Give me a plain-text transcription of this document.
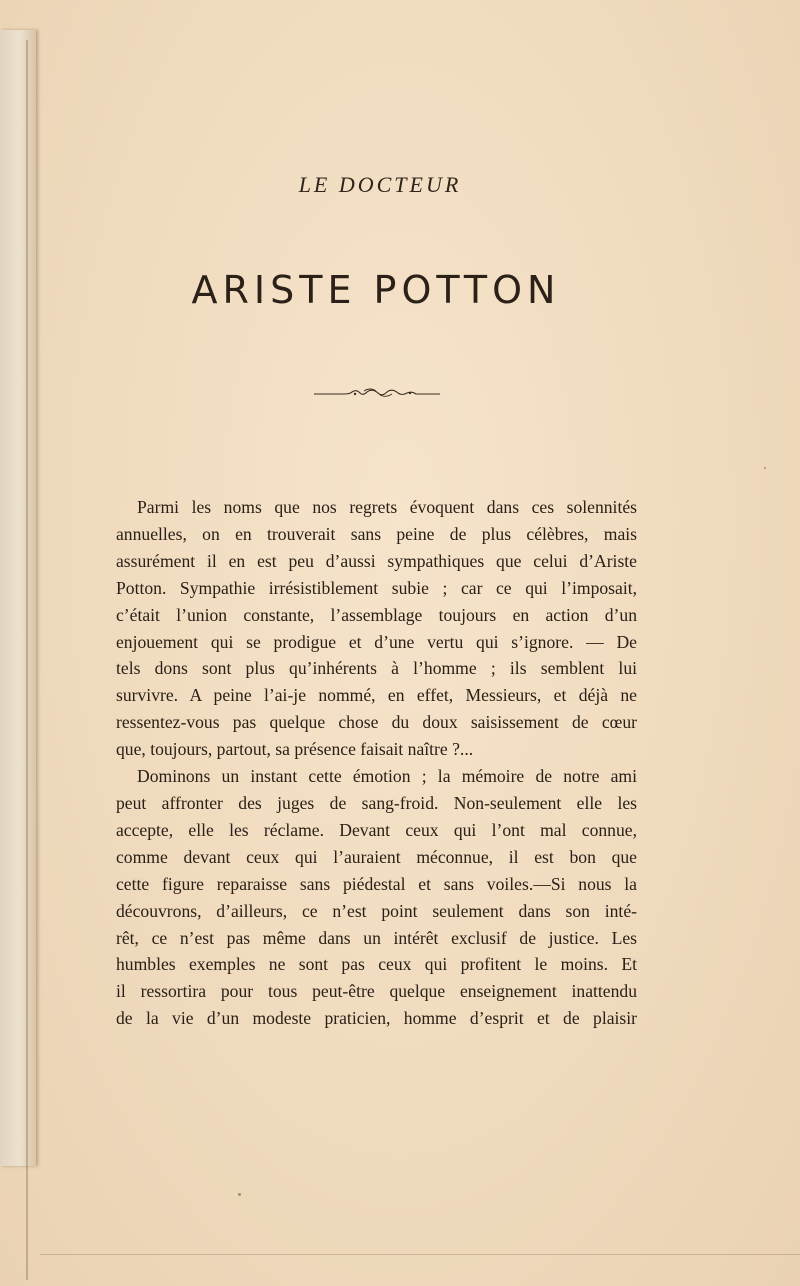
LE DOCTEUR
ARISTE POTTON

Parmi les noms que nos regrets évoquent dans ces solennités
annuelles, on en trouverait sans peine de plus célèbres, mais
assurément il en est peu d’aussi sympathiques que celui d’Ariste
Potton. Sympathie irrésistiblement subie ; car ce qui l’imposait,
c’était l’union constante, l’assemblage toujours en action d’un
enjouement qui se prodigue et d’une vertu qui s’ignore. — De
tels dons sont plus qu’inhérents à l’homme ; ils semblent lui
survivre. A peine l’ai-je nommé, en effet, Messieurs, et déjà ne
ressentez-vous pas quelque chose du doux saisissement de cœur
que, toujours, partout, sa présence faisait naître ?...

Dominons un instant cette émotion ; la mémoire de notre ami
peut affronter des juges de sang-froid. Non-seulement elle les
accepte, elle les réclame. Devant ceux qui l’ont mal connue,
comme devant ceux qui l’auraient méconnue, il est bon que
cette figure reparaisse sans piédestal et sans voiles.—Si nous la
découvrons, d’ailleurs, ce n’est point seulement dans son inté-
rêt, ce n’est pas même dans un intérêt exclusif de justice. Les
humbles exemples ne sont pas ceux qui profitent le moins. Et
il ressortira pour tous peut-être quelque enseignement inattendu
de la vie d’un modeste praticien, homme d’esprit et de plaisir
